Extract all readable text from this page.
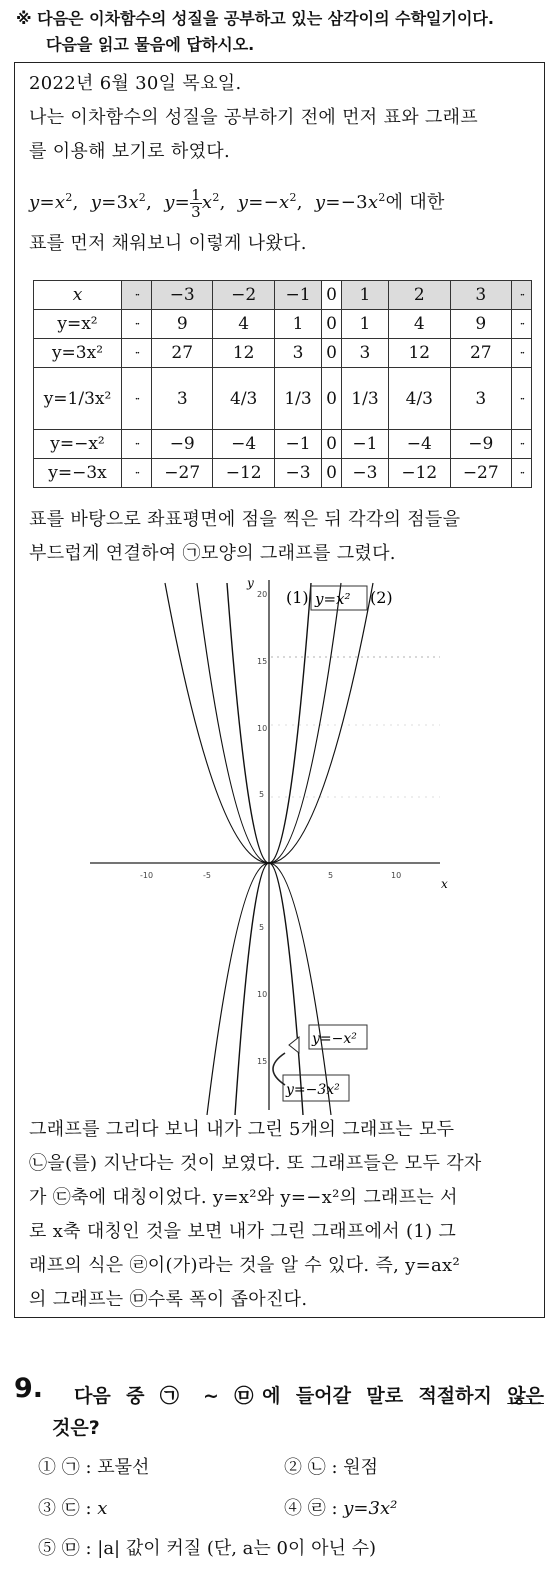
※ 다음은 이차함수의 성질을 공부하고 있는 삼각이의 수학일기이다.
다음을 읽고 물음에 답하시오.
2022년 6월 30일 목요일.
나는 이차함수의 성질을 공부하기 전에 먼저 표와 그래프
를 이용해 보기로 하였다.
$y=x^2$,  $y=3x^2$,  $y= \frac{1}{3} x^2$,  $y=-x^2$,  $y=-3x^2$에 대한
표를 먼저 채워보니 이렇게 나왔다.
x	··	−3	−2	−1	0	1	2	3	··
y=x²	··	9	4	1	0	1	4	9	··
y=3x²	··	27	12	3	0	3	12	27	··
y=1/3x²	··	3	4/3	1/3	0	1/3	4/3	3	··
y=−x²	··	−9	−4	−1	0	−1	−4	−9	··
y=−3x	··	−27	−12	−3	0	−3	−12	−27	··
표를 바탕으로 좌표평면에 점을 찍은 뒤 각각의 점들을
부드럽게 연결하여 ㉠모양의 그래프를 그렸다.
x
y
-10	-5	5	10
20
15
10
5
5
10
15
(1) y=x² (2)
y=−x²
y=−3x²
그래프를 그리다 보니 내가 그린 5개의 그래프는 모두
㉡을(를) 지난다는 것이 보였다. 또 그래프들은 모두 각자
가 ㉢축에 대칭이었다. y=x²와 y=−x²의 그래프는 서
로 x축 대칭인 것을 보면 내가 그린 그래프에서 (1) 그
래프의 식은 ㉣이(가)라는 것을 알 수 있다. 즉, y=ax²
의 그래프는 ㉤수록 폭이 좁아진다.
9. 다음 중 ㉠ ~ ㉤에 들어갈 말로 적절하지 않은
것은?
① ㉠ : 포물선	② ㉡ : 원점
③ ㉢ : x	④ ㉣ : y=3x²
⑤ ㉤ : |a| 값이 커질 (단, a는 0이 아닌 수)
